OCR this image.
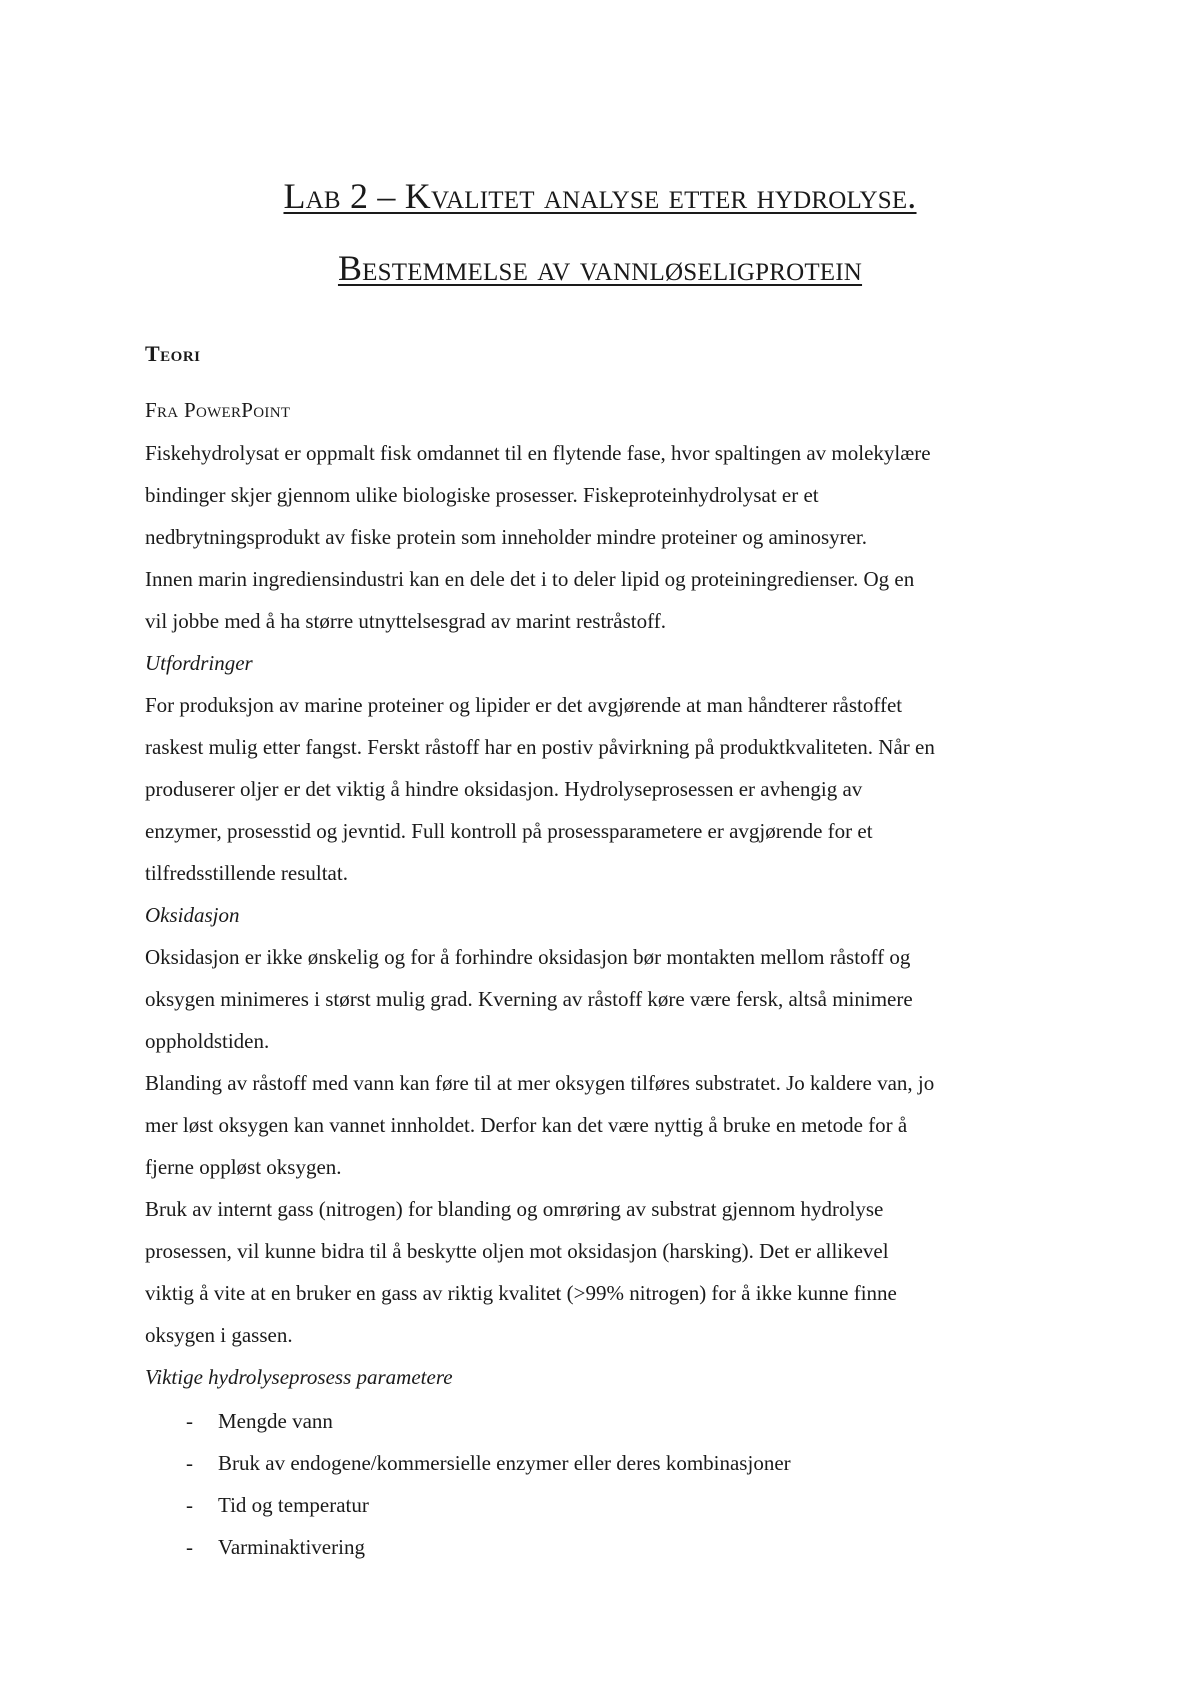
Lab 2 – Kvalitet analyse etter hydrolyse.
Bestemmelse av vannløseligprotein
Teori
Fra PowerPoint
Fiskehydrolysat er oppmalt fisk omdannet til en flytende fase, hvor spaltingen av molekylære
bindinger skjer gjennom ulike biologiske prosesser. Fiskeproteinhydrolysat er et
nedbrytningsprodukt av fiske protein som inneholder mindre proteiner og aminosyrer.
Innen marin ingrediensindustri kan en dele det i to deler lipid og proteiningredienser. Og en
vil jobbe med å ha større utnyttelsesgrad av marint restråstoff.
Utfordringer
For produksjon av marine proteiner og lipider er det avgjørende at man håndterer råstoffet
raskest mulig etter fangst. Ferskt råstoff har en postiv påvirkning på produktkvaliteten. Når en
produserer oljer er det viktig å hindre oksidasjon. Hydrolyseprosessen er avhengig av
enzymer, prosesstid og jevntid. Full kontroll på prosessparametere er avgjørende for et
tilfredsstillende resultat.
Oksidasjon
Oksidasjon er ikke ønskelig og for å forhindre oksidasjon bør montakten mellom råstoff og
oksygen minimeres i størst mulig grad. Kverning av råstoff køre være fersk, altså minimere
oppholdstiden.
Blanding av råstoff med vann kan føre til at mer oksygen tilføres substratet. Jo kaldere van, jo
mer løst oksygen kan vannet innholdet. Derfor kan det være nyttig å bruke en metode for å
fjerne oppløst oksygen.
Bruk av internt gass (nitrogen) for blanding og omrøring av substrat gjennom hydrolyse
prosessen, vil kunne bidra til å beskytte oljen mot oksidasjon (harsking). Det er allikevel
viktig å vite at en bruker en gass av riktig kvalitet (>99% nitrogen) for å ikke kunne finne
oksygen i gassen.
Viktige hydrolyseprosess parametere
- Mengde vann
- Bruk av endogene/kommersielle enzymer eller deres kombinasjoner
- Tid og temperatur
- Varminaktivering
